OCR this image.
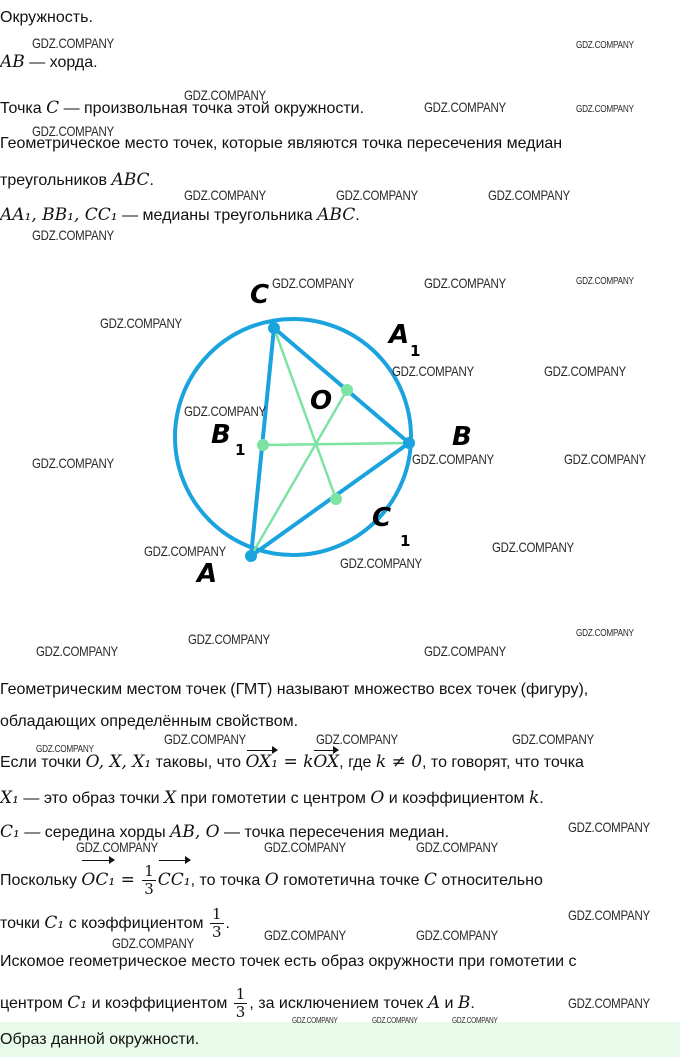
Окружность.
AB — хорда.
Точка C — произвольная точка этой окружности.
Геометрическое место точек, которые являются точка пересечения медиан
треугольников ABC.
AA₁, BB₁, CC₁ — медианы треугольника ABC.
C
A
1
O
B
B 1
C
1
A
Геометрическим местом точек (ГМТ) называют множество всех точек (фигуру),
обладающих определённым свойством.
Если точки O, X, X₁ таковы, что OX₁ = kOX, где k ≠ 0, то говорят, что точка
X₁ — это образ точки X при гомотетии с центром O и коэффициентом k.
C₁ — середина хорды AB, O — точка пересечения медиан.
Поскольку $OC_1 = \frac{1}{3} CC_1$, то точка O гомотетична точке C относительно
точки C₁ с коэффициентом $\frac{1}{3}$ .
Искомое геометрическое место точек есть образ окружности при гомотетии с
центром C₁ и коэффициентом $\frac{1}{3}$ , за исключением точек A и B.
Образ данной окружности.
GDZ.COMPANY	GDZ.COMPANY
GDZ.COMPANY
GDZ.COMPANY	GDZ.COMPANY
GDZ.COMPANY
GDZ.COMPANY	GDZ.COMPANY	GDZ.COMPANY
GDZ.COMPANY
GDZ.COMPANY	GDZ.COMPANY	GDZ.COMPANY
GDZ.COMPANY
GDZ.COMPANY	GDZ.COMPANY
GDZ.COMPANY
GDZ.COMPANY	GDZ.COMPANY	GDZ.COMPANY
GDZ.COMPANY	GDZ.COMPANY
GDZ.COMPANY
GDZ.COMPANY	GDZ.COMPANY
GDZ.COMPANY	GDZ.COMPANY
GDZ.COMPANY
GDZ.COMPANY	GDZ.COMPANY	GDZ.COMPANY
GDZ.COMPANY
GDZ.COMPANY	GDZ.COMPANY	GDZ.COMPANY
GDZ.COMPANY
GDZ.COMPANY	GDZ.COMPANY
GDZ.COMPANY
GDZ.COMPANY
GDZ.COMPANY	GDZ.COMPANY	GDZ.COMPANY
